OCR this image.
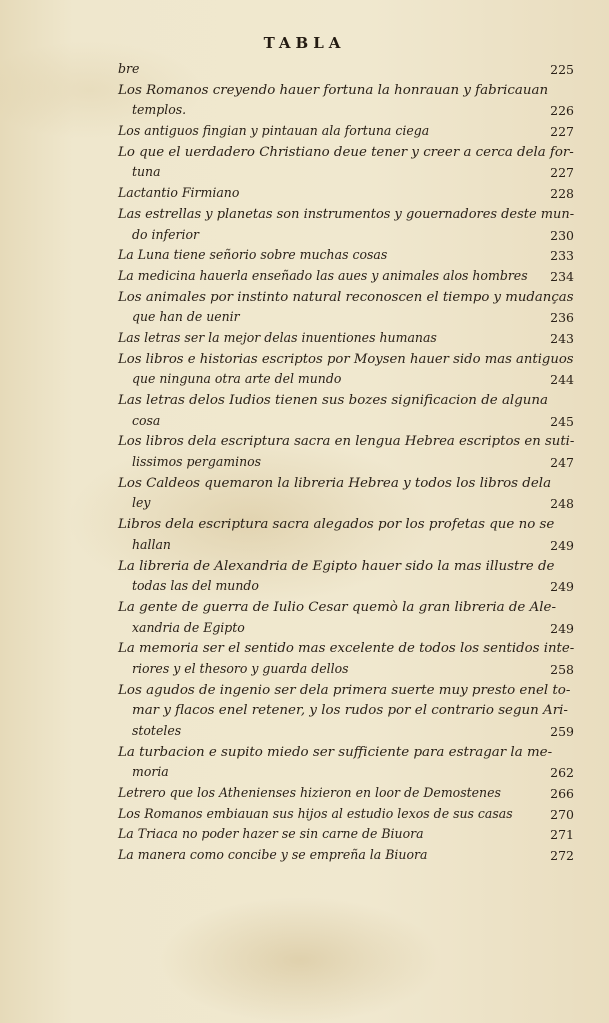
TABLA
bre	225
Los Romanos creyendo hauer fortuna la honrauan y fabricauan
templos.	226
Los antiguos fingian y pintauan ala fortuna ciega	227
Lo que el uerdadero Christiano deue tener y creer a cerca dela for-
tuna	227
Lactantio Firmiano	228
Las estrellas y planetas son instrumentos y gouernadores deste mun-
do inferior	230
La Luna tiene señorio sobre muchas cosas	233
La medicina hauerla enseñado las aues y animales alos hombres	234
Los animales por instinto natural reconoscen el tiempo y mudanças
que han de uenir	236
Las letras ser la mejor delas inuentiones humanas	243
Los libros e historias escriptos por Moysen hauer sido mas antiguos
que ninguna otra arte del mundo	244
Las letras delos Iudios tienen sus bozes significacion de alguna
cosa	245
Los libros dela escriptura sacra en lengua Hebrea escriptos en suti-
lissimos pergaminos	247
Los Caldeos quemaron la libreria Hebrea y todos los libros dela
ley	248
Libros dela escriptura sacra alegados por los profetas que no se
hallan	249
La libreria de Alexandria de Egipto hauer sido la mas illustre de
todas las del mundo	249
La gente de guerra de Iulio Cesar quemò la gran libreria de Ale-
xandria de Egipto	249
La memoria ser el sentido mas excelente de todos los sentidos inte-
riores y el thesoro y guarda dellos	258
Los agudos de ingenio ser dela primera suerte muy presto enel to-
mar y flacos enel retener, y los rudos por el contrario segun Ari-
stoteles	259
La turbacion e supito miedo ser sufficiente para estragar la me-
moria	262
Letrero que los Athenienses hizieron en loor de Demostenes	266
Los Romanos embiauan sus hijos al estudio lexos de sus casas	270
La Triaca no poder hazer se sin carne de Biuora	271
La manera como concibe y se empreña la Biuora	272
